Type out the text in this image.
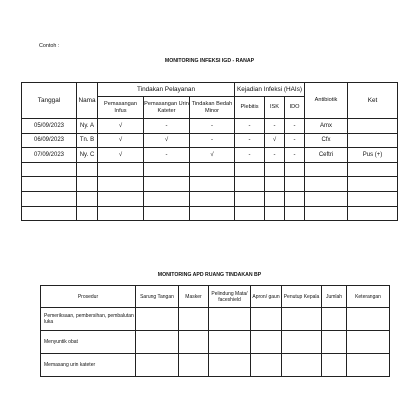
Contoh :
MONITORING INFEKSI IGD - RANAP
Tanggal	Nama	Tindakan Pelayanan			Kejadian Infeksi (HAIs)			Antibiotik	Ket
		Pemasangan Infus	Pemasangan Urin Kateter	Tindakan Bedah Minor	Plebitis	ISK	IDO		
05/09/2023	Ny. A	√	-	-	-	-	-	Amx	
06/09/2023	Tn. B	√	√	-	-	√	-	Cfx	
07/09/2023	Ny. C	√	-	√	-	-	-	Ceftri	Pus (+)

MONITORING APD RUANG TINDAKAN BP
Prosedur	Sarung Tangan	Masker	Pelindung Mata/ faceshield	Apron/ gaun	Penutup Kepala	Jumlah	Keterangan
Pemeriksaan, pembersihan, pembalutan luka							
Menyuntik obat							
Memasang urin kateter							
